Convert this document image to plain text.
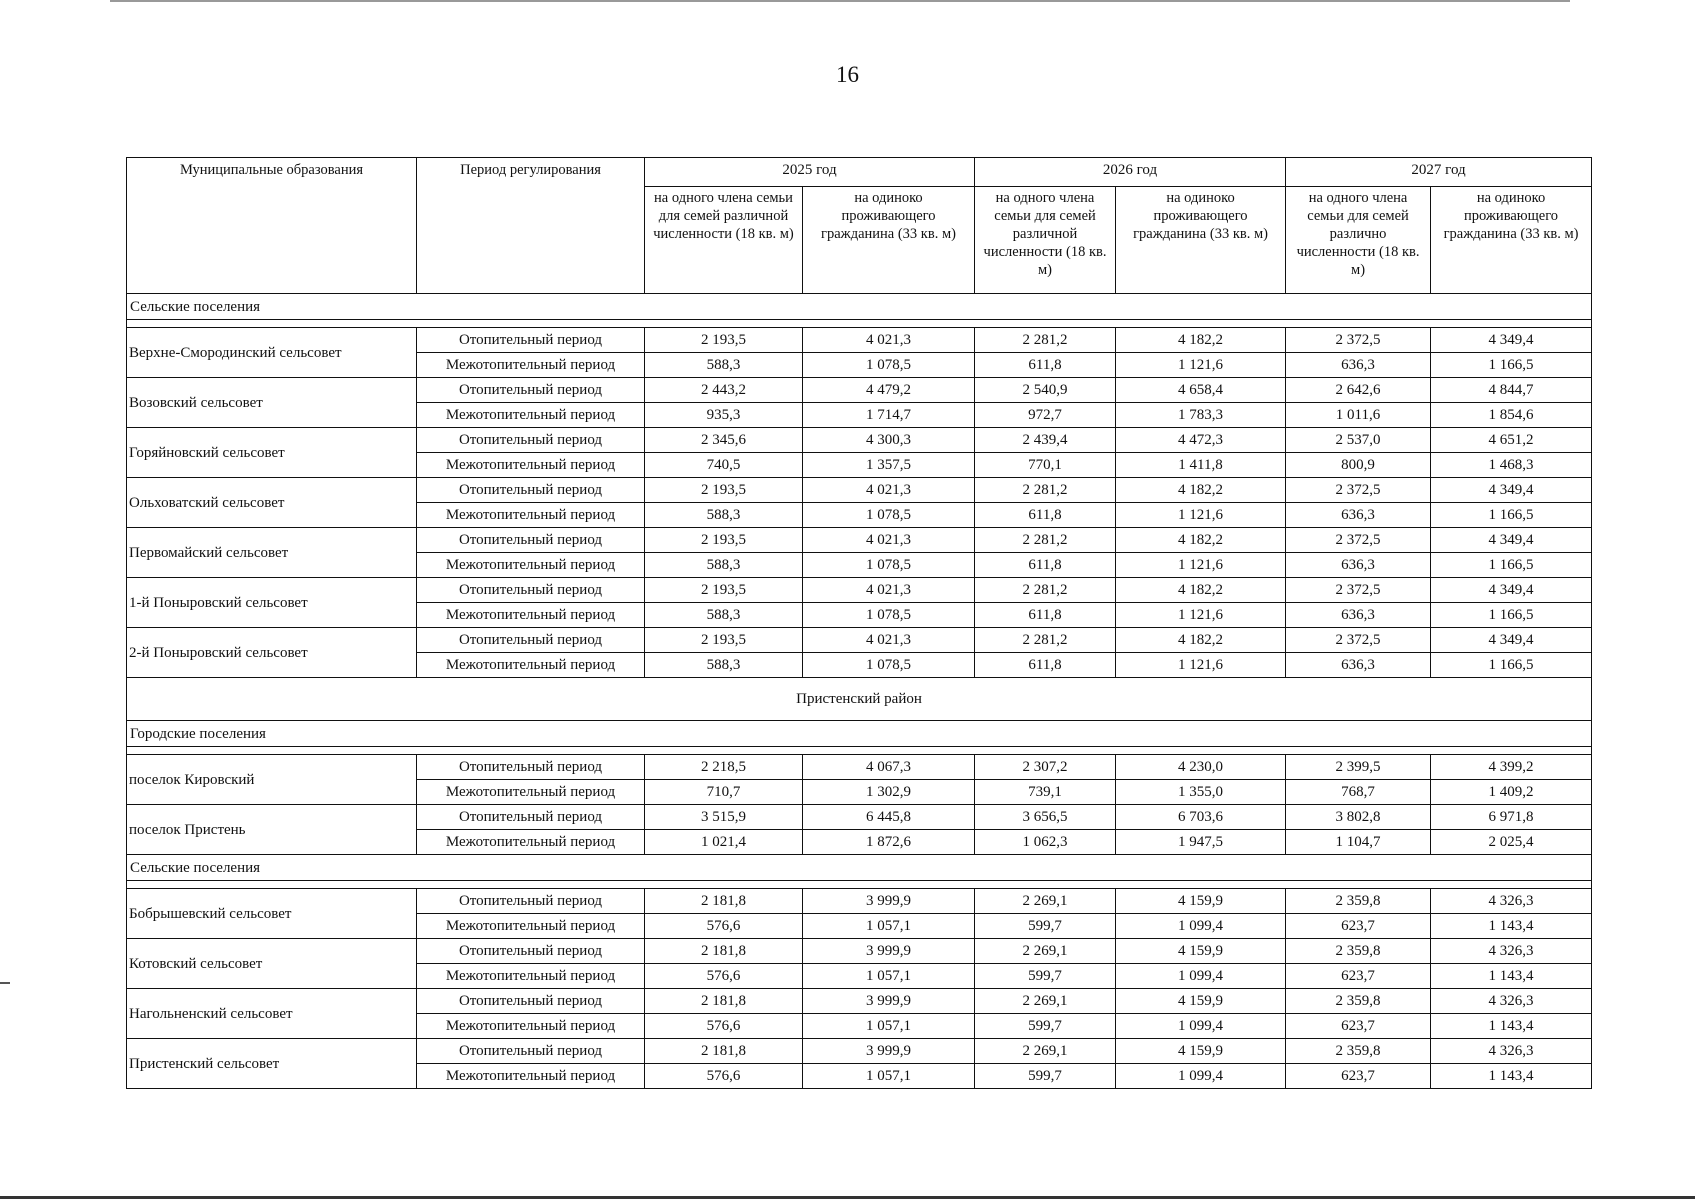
16
Муниципальные образования	Период регулирования	2025 год		2026 год		2027 год	
		на одного члена семьи для семей различной численности (18 кв. м)	на одиноко проживающего гражданина (33 кв. м)	на одного члена семьи для семей различной численности (18 кв. м)	на одиноко проживающего гражданина (33 кв. м)	на одного члена семьи для семей различно численности (18 кв. м)	на одиноко проживающего гражданина (33 кв. м)
Сельские поселения							

Верхне-Смородинский сельсовет	Отопительный период	2 193,5	4 021,3	2 281,2	4 182,2	2 372,5	4 349,4
	Межотопительный период	588,3	1 078,5	611,8	1 121,6	636,3	1 166,5
Возовский сельсовет	Отопительный период	2 443,2	4 479,2	2 540,9	4 658,4	2 642,6	4 844,7
	Межотопительный период	935,3	1 714,7	972,7	1 783,3	1 011,6	1 854,6
Горяйновский сельсовет	Отопительный период	2 345,6	4 300,3	2 439,4	4 472,3	2 537,0	4 651,2
	Межотопительный период	740,5	1 357,5	770,1	1 411,8	800,9	1 468,3
Ольховатский сельсовет	Отопительный период	2 193,5	4 021,3	2 281,2	4 182,2	2 372,5	4 349,4
	Межотопительный период	588,3	1 078,5	611,8	1 121,6	636,3	1 166,5
Первомайский сельсовет	Отопительный период	2 193,5	4 021,3	2 281,2	4 182,2	2 372,5	4 349,4
	Межотопительный период	588,3	1 078,5	611,8	1 121,6	636,3	1 166,5
1-й Поныровский сельсовет	Отопительный период	2 193,5	4 021,3	2 281,2	4 182,2	2 372,5	4 349,4
	Межотопительный период	588,3	1 078,5	611,8	1 121,6	636,3	1 166,5
2-й Поныровский сельсовет	Отопительный период	2 193,5	4 021,3	2 281,2	4 182,2	2 372,5	4 349,4
	Межотопительный период	588,3	1 078,5	611,8	1 121,6	636,3	1 166,5
Пристенский район							
Городские поселения							

поселок Кировский	Отопительный период	2 218,5	4 067,3	2 307,2	4 230,0	2 399,5	4 399,2
	Межотопительный период	710,7	1 302,9	739,1	1 355,0	768,7	1 409,2
поселок Пристень	Отопительный период	3 515,9	6 445,8	3 656,5	6 703,6	3 802,8	6 971,8
	Межотопительный период	1 021,4	1 872,6	1 062,3	1 947,5	1 104,7	2 025,4
Сельские поселения							

Бобрышевский сельсовет	Отопительный период	2 181,8	3 999,9	2 269,1	4 159,9	2 359,8	4 326,3
	Межотопительный период	576,6	1 057,1	599,7	1 099,4	623,7	1 143,4
Котовский сельсовет	Отопительный период	2 181,8	3 999,9	2 269,1	4 159,9	2 359,8	4 326,3
	Межотопительный период	576,6	1 057,1	599,7	1 099,4	623,7	1 143,4
Нагольненский сельсовет	Отопительный период	2 181,8	3 999,9	2 269,1	4 159,9	2 359,8	4 326,3
	Межотопительный период	576,6	1 057,1	599,7	1 099,4	623,7	1 143,4
Пристенский сельсовет	Отопительный период	2 181,8	3 999,9	2 269,1	4 159,9	2 359,8	4 326,3
	Межотопительный период	576,6	1 057,1	599,7	1 099,4	623,7	1 143,4
